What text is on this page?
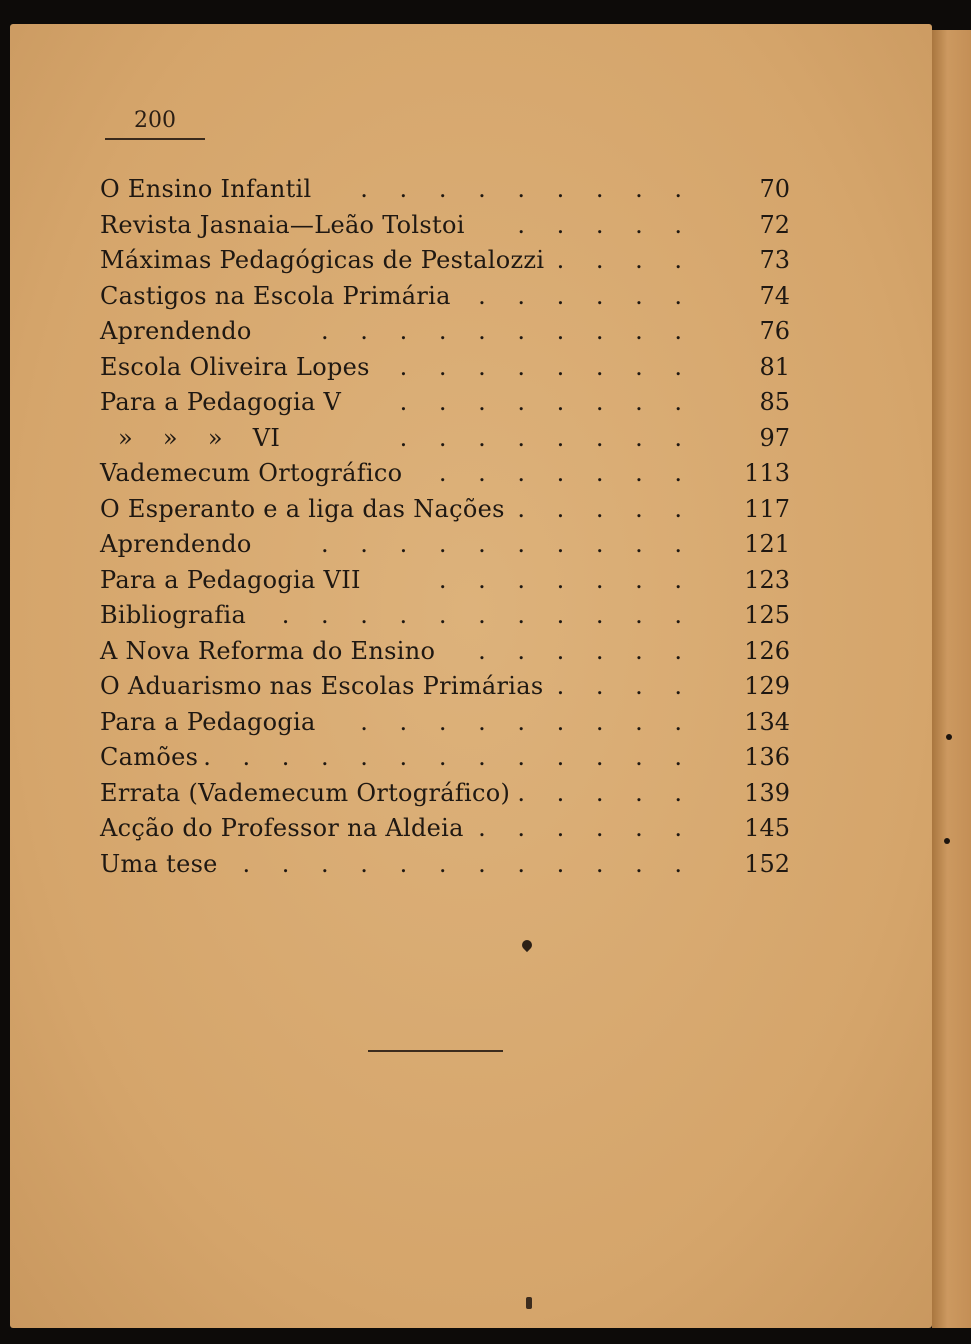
200
O Ensino Infantil . . . . . . . . .	70
Revista Jasnaia—Leão Tolstoi . . . . .	72
Máximas Pedagógicas de Pestalozzi . . . .	73
Castigos na Escola Primária . . . . . .	74
Aprendendo	. . . . . . . . . .	76
Escola Oliveira Lopes . . . . . . . .	81
Para a Pedagogia V . . . . . . . .	85
» » » VI	. . . . . . . .	97
Vademecum Ortográfico . . . . . . .	113
O Esperanto e a liga das Nações . . . . .	117
Aprendendo	. . . . . . . . . .	121
Para a Pedagogia VII	. . . . . . .	123
Bibliografia . . . . . . . . . . .	125
A Nova Reforma do Ensino . . . . . .	126
O Aduarismo nas Escolas Primárias . . . .	129
Para a Pedagogia . . . . . . . . .	134
Camões . . . . . . . . . . . . .	136
Errata (Vademecum Ortográfico) . . . . .	139
Acção do Professor na Aldeia . . . . . .	145
Uma tese . . . . . . . . . . . .	152
